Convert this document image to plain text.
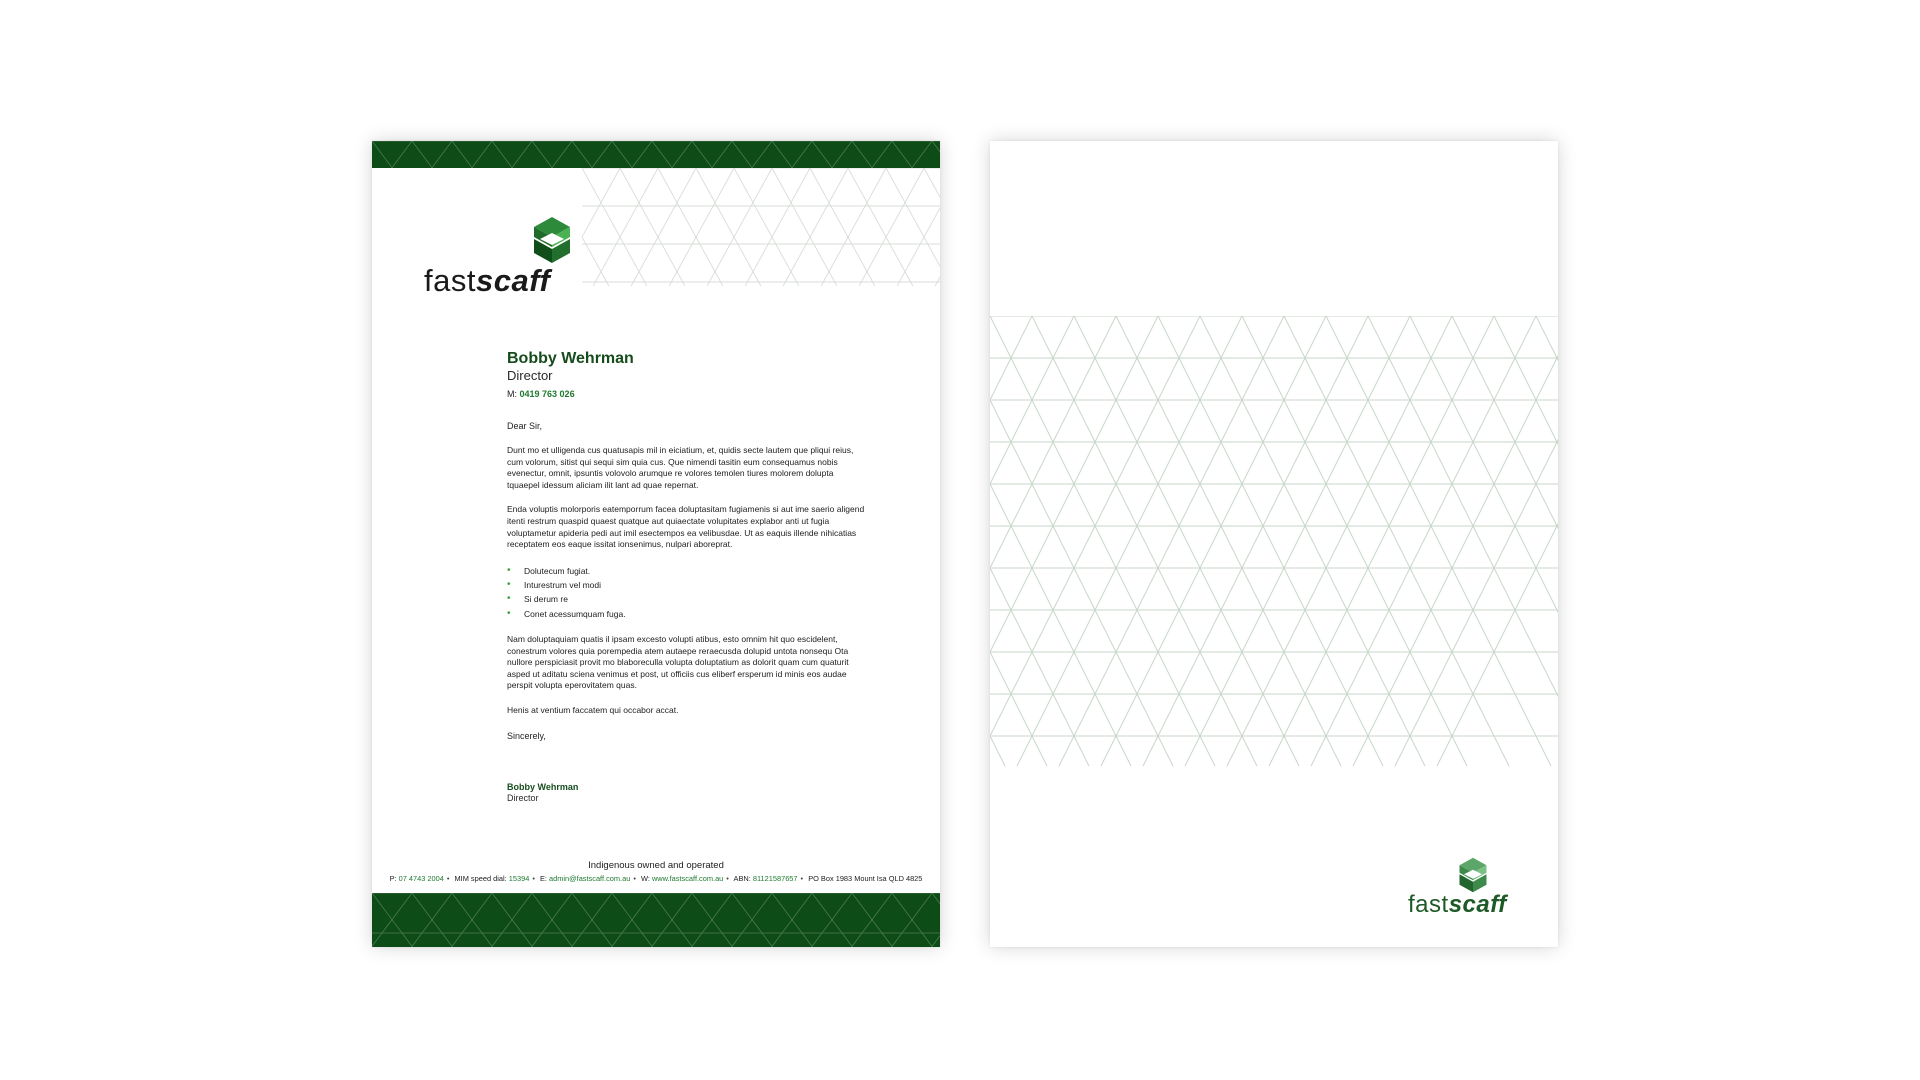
fastscaff
Bobby Wehrman
Director
M: 0419 763 026
Dear Sir,
Dunt mo et ulligenda cus quatusapis mil in eiciatium, et, quidis secte lautem que pliqui reius, cum volorum, sitist qui sequi sim quia cus. Que nimendi tasitin eum consequamus nobis evenectur, omnit, ipsuntis volovolo arumque re volores temolen tiures molorem dolupta tquaepel idessum aliciam ilit lant ad quae repernat.
Enda voluptis molorporis eatemporrum facea doluptasitam fugiamenis si aut ime saerio aligend itenti restrum quaspid quaest quatque aut quiaectate volupitates explabor anti ut fugia voluptametur apideria pedi aut imil esectempos ea velibusdae. Ut as eaquis illende nihicatias receptatem eos eaque issitat ionsenimus, nulpari aboreprat.
• Dolutecum fugiat.
• Inturestrum vel modi
• Si derum re
• Conet acessumquam fuga.
Nam doluptaquiam quatis il ipsam excesto volupti atibus, esto omnim hit quo escidelent, conestrum volores quia porempedia atem autaepe reraecusda dolupid untota nonsequ Ota nullore perspiciasit provit mo blaboreculla volupta doluptatium as dolorit quam cum quaturit asped ut aditatu sciena venimus et post, ut officiis cus eliberf ersperum id minis eos audae perspit volupta eperovitatem quas.
Henis at ventium faccatem qui occabor accat.
Sincerely,
Bobby Wehrman
Director
Indigenous owned and operated
P: 07 4743 2004 • MIM speed dial: 15394 • E: admin@fastscaff.com.au • W: www.fastscaff.com.au • ABN: 81121587657 • PO Box 1983 Mount Isa QLD 4825
fastscaff
